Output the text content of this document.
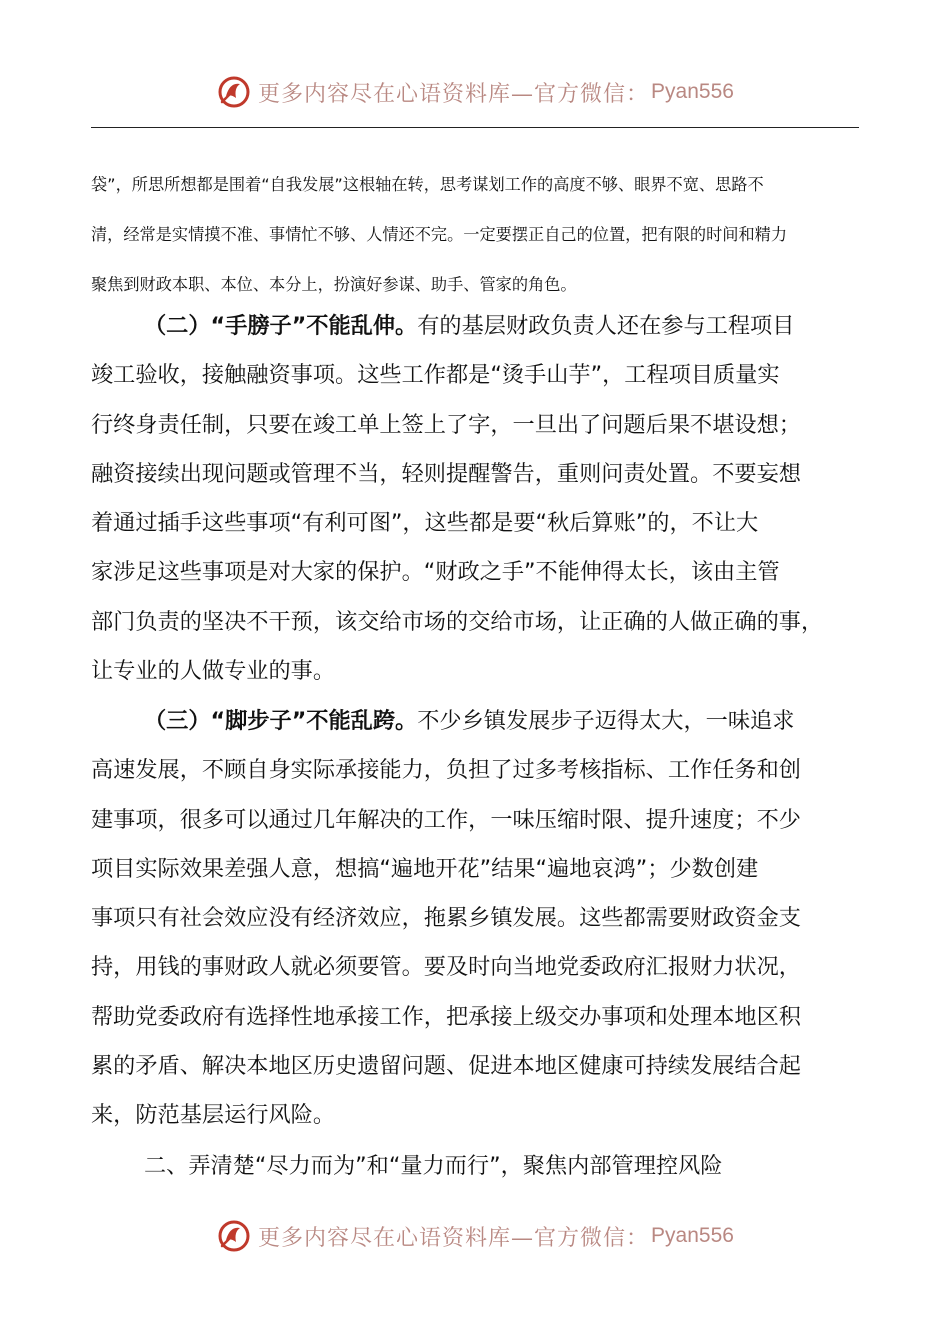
更多内容尽在心语资料库—官方微信： Pyan556
袋”，所思所想都是围着“自我发展”这根轴在转，思考谋划工作的高度不够、眼界不宽、思路不
清，经常是实情摸不准、事情忙不够、人情还不完。一定要摆正自己的位置，把有限的时间和精力
聚焦到财政本职、本位、本分上，扮演好参谋、助手、管家的角色。
（二）“手膀子”不能乱伸。有的基层财政负责人还在参与工程项目
竣工验收，接触融资事项。这些工作都是“烫手山芋”，工程项目质量实
行终身责任制，只要在竣工单上签上了字，一旦出了问题后果不堪设想；
融资接续出现问题或管理不当，轻则提醒警告，重则问责处置。不要妄想
着通过插手这些事项“有利可图”，这些都是要“秋后算账”的，不让大
家涉足这些事项是对大家的保护。“财政之手”不能伸得太长，该由主管
部门负责的坚决不干预，该交给市场的交给市场，让正确的人做正确的事，
让专业的人做专业的事。
（三）“脚步子”不能乱跨。不少乡镇发展步子迈得太大，一味追求
高速发展，不顾自身实际承接能力，负担了过多考核指标、工作任务和创
建事项，很多可以通过几年解决的工作，一味压缩时限、提升速度；不少
项目实际效果差强人意，想搞“遍地开花”结果“遍地哀鸿”；少数创建
事项只有社会效应没有经济效应，拖累乡镇发展。这些都需要财政资金支
持，用钱的事财政人就必须要管。要及时向当地党委政府汇报财力状况，
帮助党委政府有选择性地承接工作，把承接上级交办事项和处理本地区积
累的矛盾、解决本地区历史遗留问题、促进本地区健康可持续发展结合起
来，防范基层运行风险。
二、弄清楚“尽力而为”和“量力而行”，聚焦内部管理控风险
更多内容尽在心语资料库—官方微信： Pyan556
